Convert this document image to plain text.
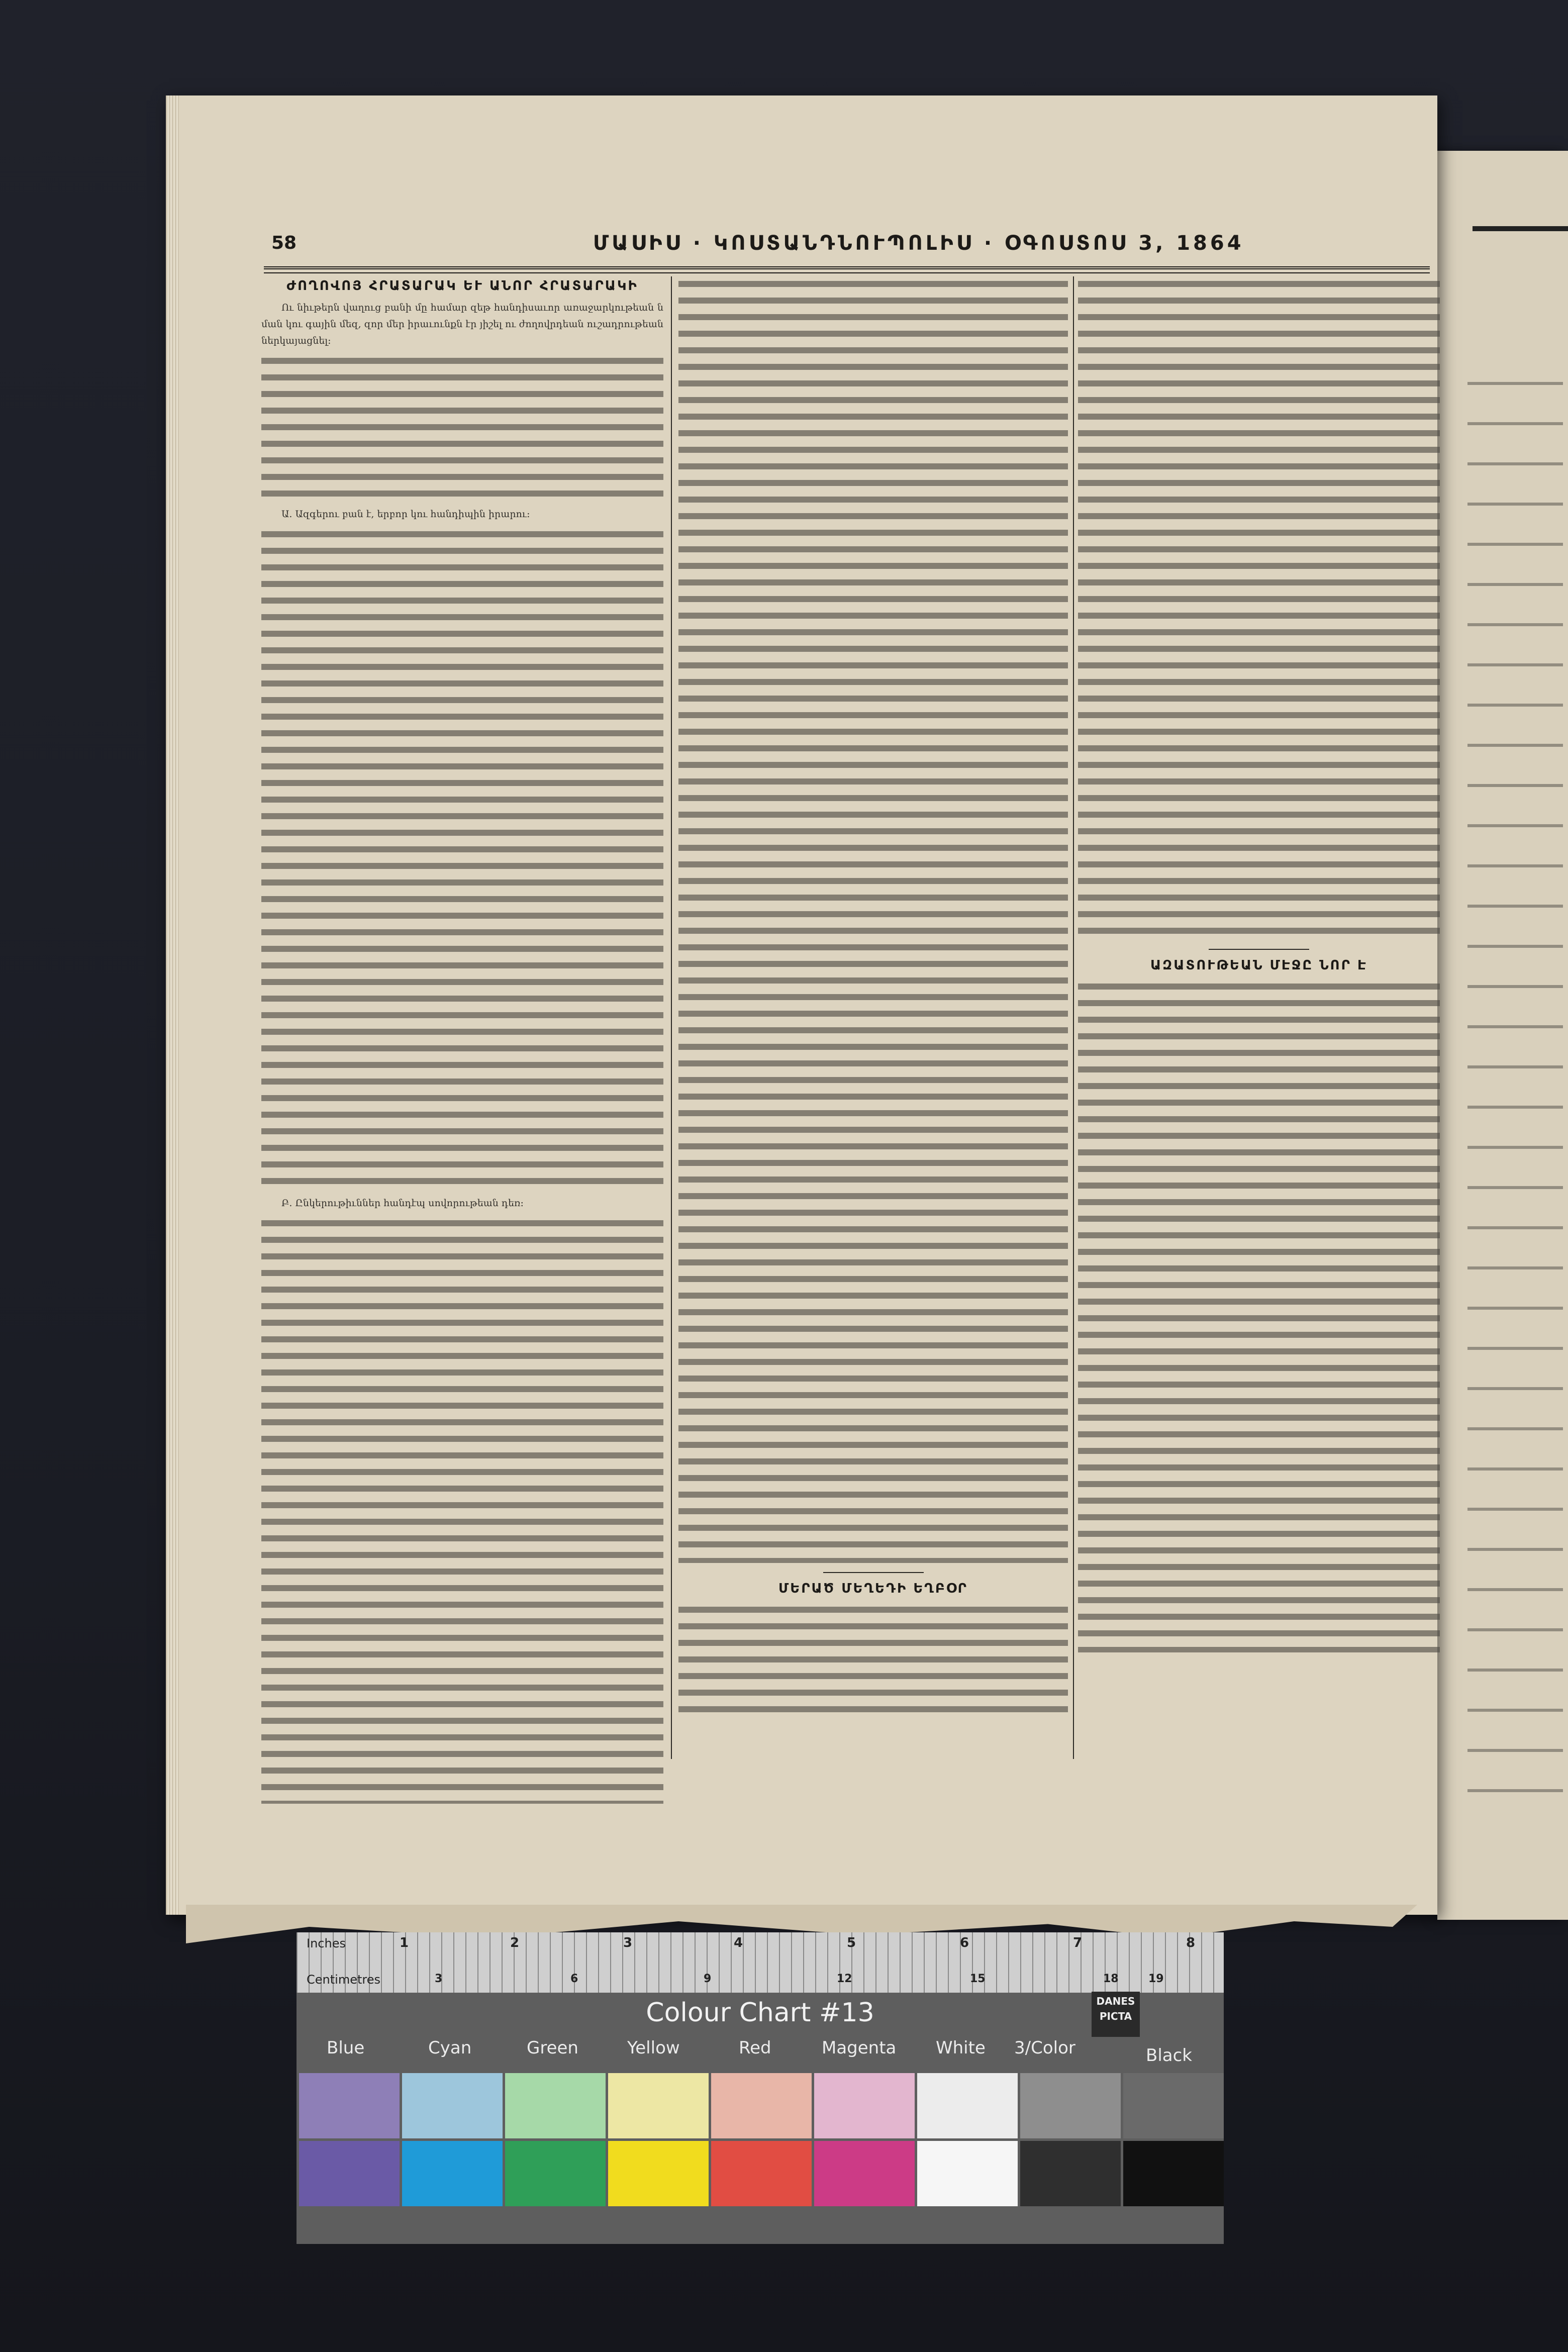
58	ՄԱՍԻՍ · ԿՈՍՏԱՆԴՆՈՒՊՈԼԻՍ · ՕԳՈՍՏՈՍ 3, 1864
ԺՈՂՈՎՈՅ ՀՐԱՏԱՐԱԿ ԵՒ ԱՆՈՐ ՀՐԱՏԱՐԱԿԻ

Ու նիւթերն վաղուց բանի մը համար զեթ հանդիսաւոր առաջարկութեան նման կու գային մեզ, զոր մեր իրաւունքն էր յիշել ու ժողովրդեան ուշադրութեան ներկայացնել։

Ա. Ազգերու բան է, երբոր կու հանդիպին իրարու։

Բ. Ընկերութիւններ հանդէպ սովորութեան դեռ։

ՄԵՐԱԾ ՄԵՂԵԴԻ ԵՂԲՕՐ
ԱԶԱՏՈՒԹԵԱՆ ՄԷՋԸ ՆՈՐ Է
Inches
Centimetres
1	2	3	4	5	6	7	8
3	6	9	12	15	18	19
Colour Chart #13	DANES PICTA
Blue	Cyan	Green	Yellow	Red	Magenta White 3/Color	Black
